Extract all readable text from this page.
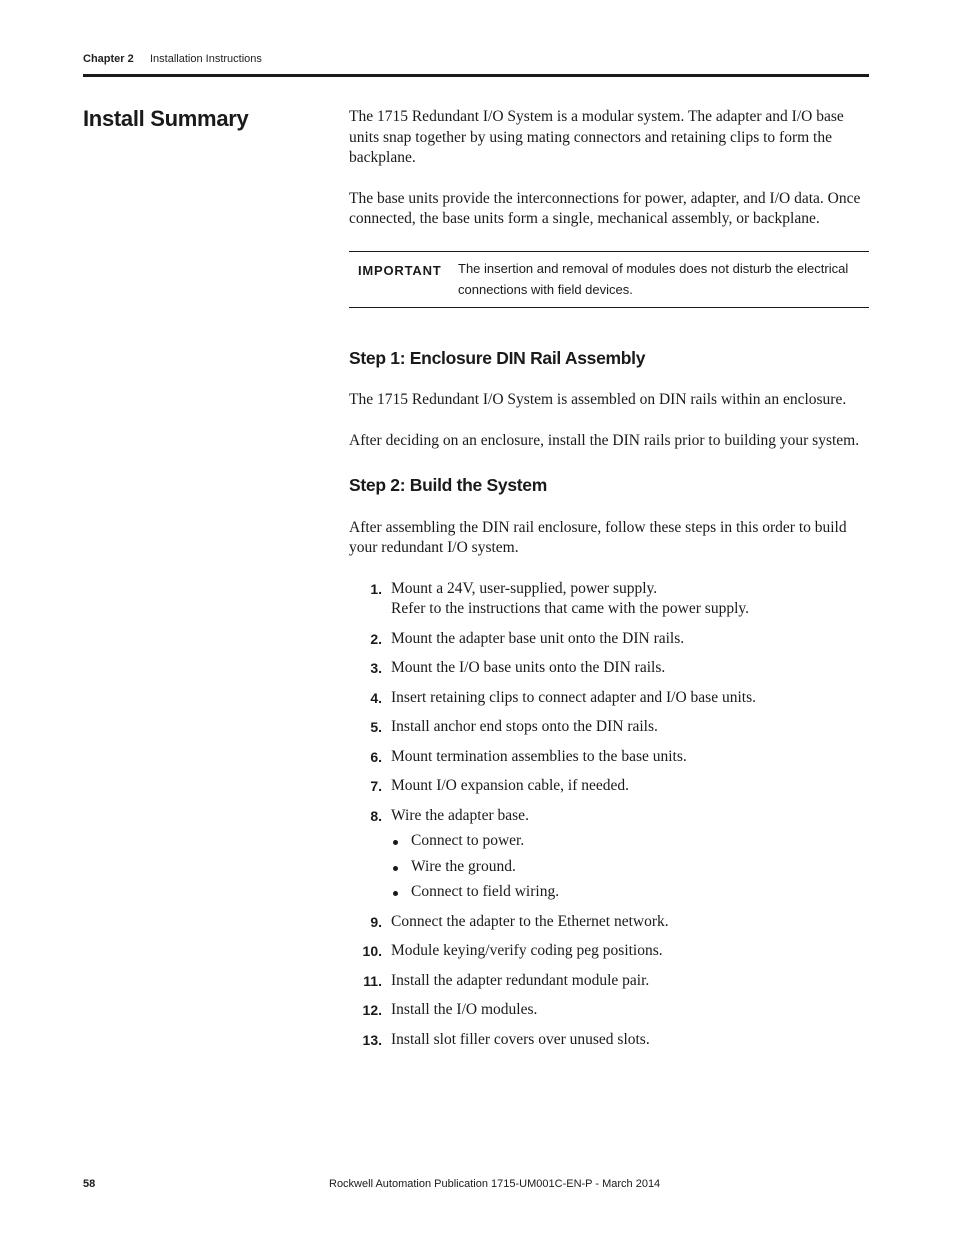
Chapter 2 Installation Instructions
Install Summary	The 1715 Redundant I/O System is a modular system. The adapter and I/O base units snap together by using mating connectors and retaining clips to form the backplane.

The base units provide the interconnections for power, adapter, and I/O data. Once connected, the base units form a single, mechanical assembly, or backplane.

IMPORTANT	The insertion and removal of modules does not disturb the electrical connections with field devices.
Step 1: Enclosure DIN Rail Assembly

The 1715 Redundant I/O System is assembled on DIN rails within an enclosure.

After deciding on an enclosure, install the DIN rails prior to building your system.

Step 2: Build the System

After assembling the DIN rail enclosure, follow these steps in this order to build your redundant I/O system.

1. Mount a 24V, user-supplied, power supply.

Refer to the instructions that came with the power supply.

2. Mount the adapter base unit onto the DIN rails.
3. Mount the I/O base units onto the DIN rails.
4. Insert retaining clips to connect adapter and I/O base units.
5. Install anchor end stops onto the DIN rails.
6. Mount termination assemblies to the base units.
7. Mount I/O expansion cable, if needed.
8. Wire the adapter base.
Connect to power.
Wire the ground.
Connect to field wiring.
9. Connect the adapter to the Ethernet network.
10. Module keying/verify coding peg positions.
11. Install the adapter redundant module pair.
12. Install the I/O modules.
13. Install slot filler covers over unused slots.
58	Rockwell Automation Publication 1715-UM001C-EN-P - March 2014
